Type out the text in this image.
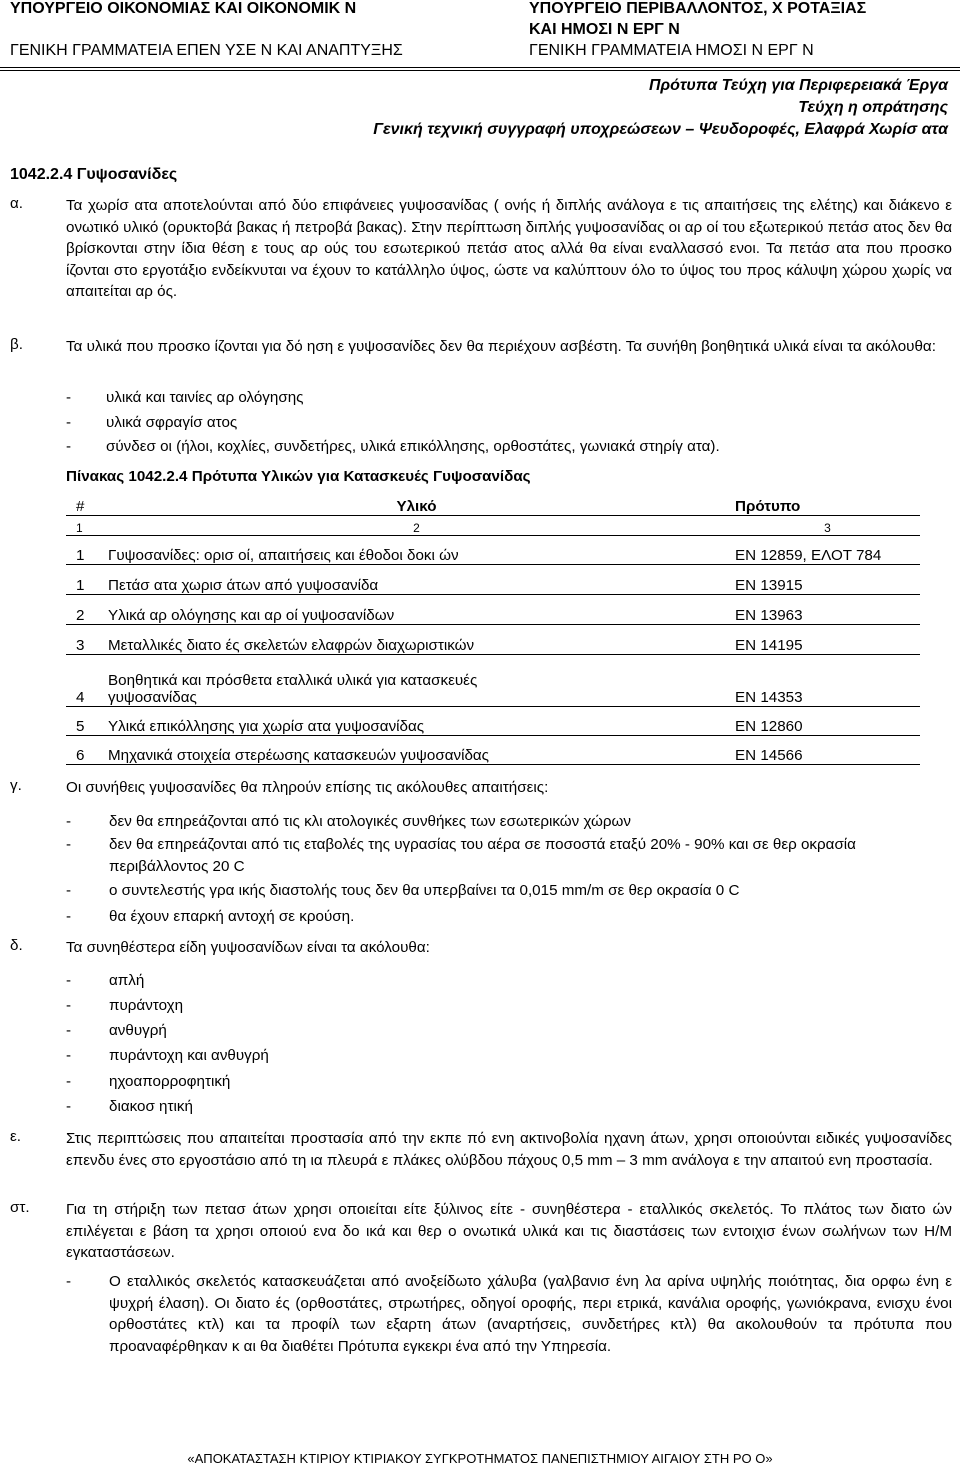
ΥΠΟΥΡΓΕΙΟ ΟΙΚΟΝΟΜΙΑΣ ΚΑΙ ΟΙΚΟΝΟΜΙΚ Ν
ΓΕΝΙΚΗ ΓΡΑΜΜΑΤΕΙΑ ΕΠΕΝ ΥΣΕ Ν ΚΑΙ ΑΝΑΠΤΥΞΗΣ
ΥΠΟΥΡΓΕΙΟ ΠΕΡΙΒΑΛΛΟΝΤΟΣ, Χ ΡΟΤΑΞΙΑΣ
ΚΑΙ ΗΜΟΣΙ Ν ΕΡΓ Ν
ΓΕΝΙΚΗ ΓΡΑΜΜΑΤΕΙΑ ΗΜΟΣΙ Ν ΕΡΓ Ν
Πρότυπα Τεύχη για Περιφερειακά Έργα
Τεύχη η οπράτησης
Γενική τεχνική συγγραφή υποχρεώσεων – Ψευδοροφές, Ελαφρά Χωρίσ ατα
1042.2.4 Γυψοσανίδες
α.	Τα χωρίσ ατα αποτελούνται από δύο επιφάνειες γυψοσανίδας ( ονής ή διπλής ανάλογα ε τις απαιτήσεις της ελέτης) και διάκενο ε ονωτικό υλικό (ορυκτοβά βακας ή πετροβά βακας). Στην περίπτωση διπλής γυψοσανίδας οι αρ οί του εξωτερικού πετάσ ατος δεν θα βρίσκονται στην ίδια θέση ε τους αρ ούς του εσωτερικού πετάσ ατος αλλά θα είναι εναλλασσό ενοι. Τα πετάσ ατα που προσκο ίζονται στο εργοτάξιο ενδείκνυται να έχουν το κατάλληλο ύψος, ώστε να καλύπτουν όλο το ύψος του προς κάλυψη χώρου χωρίς να απαιτείται αρ ός.
β.	Τα υλικά που προσκο ίζονται για δό ηση ε γυψοσανίδες δεν θα περιέχουν ασβέστη. Τα συνήθη βοηθητικά υλικά είναι τα ακόλουθα:
- υλικά και ταινίες αρ ολόγησης
- υλικά σφραγίσ ατος
- σύνδεσ οι (ήλοι, κοχλίες, συνδετήρες, υλικά επικόλλησης, ορθοστάτες, γωνιακά στηρίγ ατα).
Πίνακας 1042.2.4 Πρότυπα Υλικών για Κατασκευές Γυψοσανίδας
#	Υλικό	Πρότυπο
1	2	3
1	Γυψοσανίδες: ορισ οί, απαιτήσεις και έθοδοι δοκι ών	ΕΝ 12859, ΕΛΟΤ 784
1	Πετάσ ατα χωρισ άτων από γυψοσανίδα	ΕΝ 13915
2	Υλικά αρ ολόγησης και αρ οί γυψοσανίδων	ΕΝ 13963
3	Μεταλλικές διατο ές σκελετών ελαφρών διαχωριστικών	ΕΝ 14195
4	Βοηθητικά και πρόσθετα εταλλικά υλικά για κατασκευές γυψοσανίδας	ΕΝ 14353
5	Υλικά επικόλλησης για χωρίσ ατα γυψοσανίδας	ΕΝ 12860
6	Μηχανικά στοιχεία στερέωσης κατασκευών γυψοσανίδας	ΕΝ 14566
γ.	Οι συνήθεις γυψοσανίδες θα πληρούν επίσης τις ακόλουθες απαιτήσεις:
- δεν θα επηρεάζονται από τις κλι ατολογικές συνθήκες των εσωτερικών χώρων
- δεν θα επηρεάζονται από τις εταβολές της υγρασίας του αέρα σε ποσοστά εταξύ 20% - 90% και σε θερ οκρασία περιβάλλοντος 20 C
- ο συντελεστής γρα ικής διαστολής τους δεν θα υπερβαίνει τα 0,015 mm/m σε θερ οκρασία 0 C
- θα έχουν επαρκή αντοχή σε κρούση.
δ.	Τα συνηθέστερα είδη γυψοσανίδων είναι τα ακόλουθα:
- απλή
- πυράντοχη
- ανθυγρή
- πυράντοχη και ανθυγρή
- ηχοαπορροφητική
- διακοσ ητική
ε.	Στις περιπτώσεις που απαιτείται προστασία από την εκπε πό ενη ακτινοβολία ηχανη άτων, χρησι οποιούνται ειδικές γυψοσανίδες επενδυ ένες στο εργοστάσιο από τη ια πλευρά ε πλάκες ολύβδου πάχους 0,5 mm – 3 mm ανάλογα ε την απαιτού ενη προστασία.
στ. Για τη στήριξη των πετασ άτων χρησι οποιείται είτε ξύλινος είτε - συνηθέστερα - εταλλικός σκελετός. Το πλάτος των διατο ών επιλέγεται ε βάση τα χρησι οποιού ενα δο ικά και θερ ο ονωτικά υλικά και τις διαστάσεις των εντοιχισ ένων σωλήνων των Η/Μ εγκαταστάσεων.
- Ο εταλλικός σκελετός κατασκευάζεται από ανοξείδωτο χάλυβα (γαλβανισ ένη λα αρίνα υψηλής ποιότητας, δια ορφω ένη ε ψυχρή έλαση). Οι διατο ές (ορθοστάτες, στρωτήρες, οδηγοί οροφής, περι ετρικά, κανάλια οροφής, γωνιόκρανα, ενισχυ ένοι ορθοστάτες κτλ) και τα προφίλ των εξαρτη άτων (αναρτήσεις, συνδετήρες κτλ) θα ακολουθούν τα πρότυπα που προαναφέρθηκαν κ αι θα διαθέτει Πρότυπα εγκεκρι ένα από την Υπηρεσία.
«ΑΠΟΚΑΤΑΣΤΑΣΗ ΚΤΙΡΙΟΥ ΚΤΙΡΙΑΚΟΥ ΣΥΓΚΡΟΤΗΜΑΤΟΣ ΠΑΝΕΠΙΣΤΗΜΙΟΥ ΑΙΓΑΙΟΥ ΣΤΗ ΡΟ Ο»
